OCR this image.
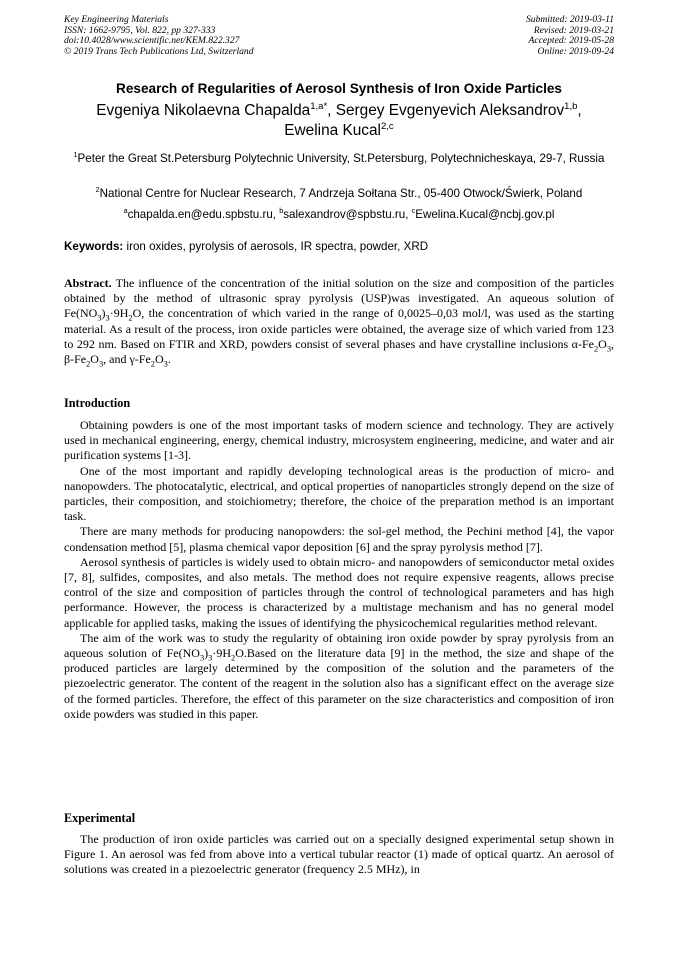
Key Engineering Materials
ISSN: 1662-9795, Vol. 822, pp 327-333
doi:10.4028/www.scientific.net/KEM.822.327
© 2019 Trans Tech Publications Ltd, Switzerland
Submitted: 2019-03-11
Revised: 2019-03-21
Accepted: 2019-05-28
Online: 2019-09-24
Research of Regularities of Aerosol Synthesis of Iron Oxide Particles
Evgeniya Nikolaevna Chapalda$^{1,a*}$, Sergey Evgenyevich Aleksandrov$^{1,b}$,
Ewelina Kucal$^{2,c}$
$^1$Peter the Great St.Petersburg Polytechnic University, St.Petersburg, Polytechnicheskaya, 29-7, Russia
$^2$National Centre for Nuclear Research, 7 Andrzeja Sołtana Str., 05-400 Otwock/Świerk, Poland
$^a$chapalda.en@edu.spbstu.ru, $^b$salexandrov@spbstu.ru, $^c$Ewelina.Kucal@ncbj.gov.pl
Keywords: iron oxides, pyrolysis of aerosols, IR spectra, powder, XRD

Abstract. The influence of the concentration of the initial solution on the size and composition of the particles obtained by the method of ultrasonic spray pyrolysis (USP)was investigated. An aqueous solution of $Fe(NO_3)_3\cdot 9H_2O$, the concentration of which varied in the range of 0,0025–0,03 mol/l, was used as the starting material. As a result of the process, iron oxide particles were obtained, the average size of which varied from 123 to 292 nm. Based on FTIR and XRD, powders consist of several phases and have crystalline inclusions $\alpha-Fe_2O_3$, $\beta-Fe_2O_3$, and $\gamma-Fe_2O_3$.

Introduction

Obtaining powders is one of the most important tasks of modern science and technology. They are actively used in mechanical engineering, energy, chemical industry, microsystem engineering, medicine, and water and air purification systems [1-3].

One of the most important and rapidly developing technological areas is the production of micro- and nanopowders. The photocatalytic, electrical, and optical properties of nanoparticles strongly depend on the size of particles, their composition, and stoichiometry; therefore, the choice of the preparation method is an important task.

There are many methods for producing nanopowders: the sol-gel method, the Pechini method [4], the vapor condensation method [5], plasma chemical vapor deposition [6] and the spray pyrolysis method [7].

Aerosol synthesis of particles is widely used to obtain micro- and nanopowders of semiconductor metal oxides [7, 8], sulfides, composites, and also metals. The method does not require expensive reagents, allows precise control of the size and composition of particles through the control of technological parameters and has high performance. However, the process is characterized by a multistage mechanism and has no general model applicable for applied tasks, making the issues of identifying the physicochemical regularities method relevant.

The aim of the work was to study the regularity of obtaining iron oxide powder by spray pyrolysis from an aqueous solution of $Fe(NO_3)_3\cdot 9H_2O.Based$ on the literature data [9] in the method, the size and shape of the produced particles are largely determined by the composition of the solution and the parameters of the piezoelectric generator. The content of the reagent in the solution also has a significant effect on the average size of the formed particles. Therefore, the effect of this parameter on the size characteristics and composition of iron oxide powders was studied in this paper.

Experimental

The production of iron oxide particles was carried out on a specially designed experimental setup shown in Figure 1. An aerosol was fed from above into a vertical tubular reactor (1) made of optical quartz. An aerosol of solutions was created in a piezoelectric generator (frequency 2.5 MHz), in
